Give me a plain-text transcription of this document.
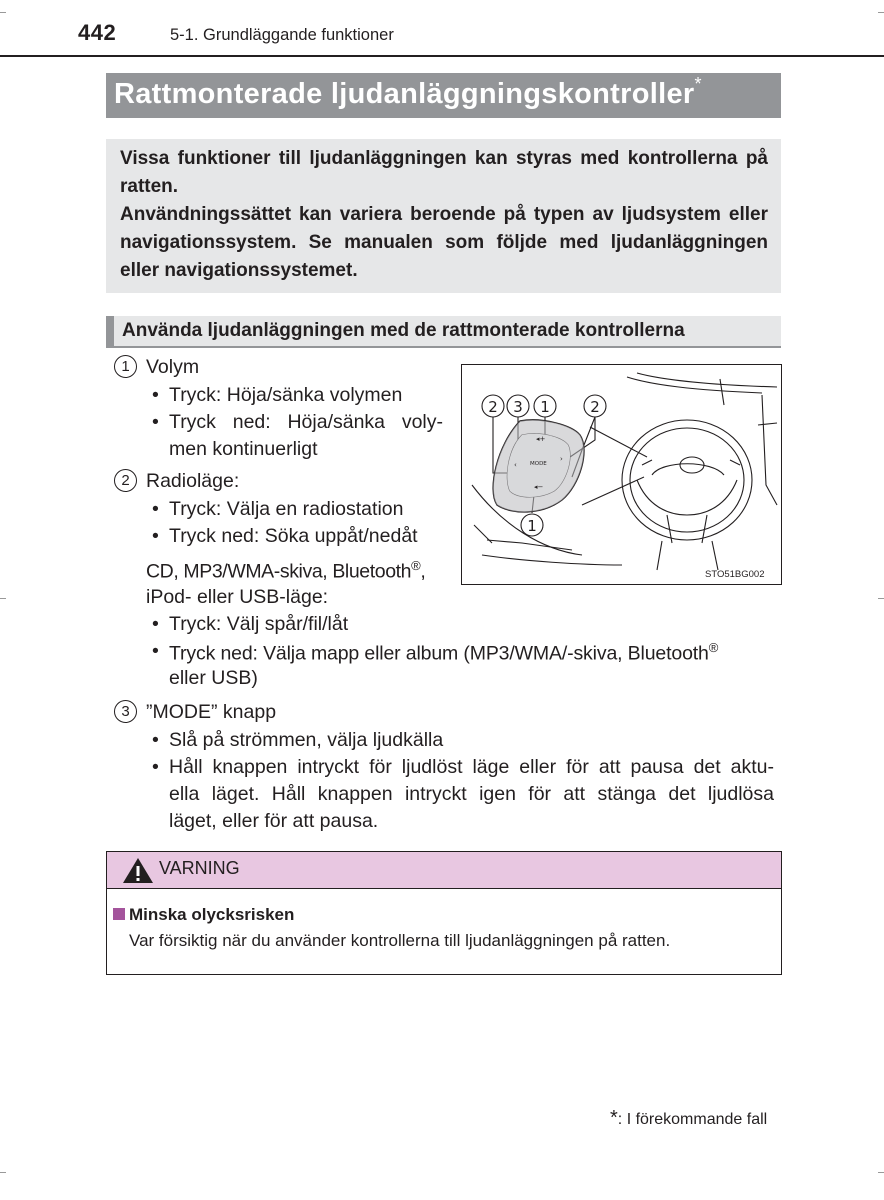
442	5-1. Grundläggande funktioner
Rattmonterade ljudanläggningskontroller*

Vissa funktioner till ljudanläggningen kan styras med kontrollerna på ratten.

Användningssättet kan variera beroende på typen av ljudsystem eller navigationssystem. Se manualen som följde med ljudanläggningen eller navigationssystemet.

Använda ljudanläggningen med de rattmonterade kontrollerna
1 Volym
• Tryck: Höja/sänka volymen
• Tryck ned: Höja/sänka voly-
men kontinuerligt
2 Radioläge:
• Tryck: Välja en radiostation
• Tryck ned: Söka uppåt/nedåt
CD, MP3/WMA-skiva, Bluetooth®,
iPod- eller USB-läge:
• Tryck: Välj spår/fil/låt
• Tryck ned: Välja mapp eller album (MP3/WMA/-skiva, Bluetooth®
eller USB)
3 ”MODE” knapp
• Slå på strömmen, välja ljudkälla
• Håll knappen intryckt för ljudlöst läge eller för att pausa det aktu-
ella läget. Håll knappen intryckt igen för att stänga det ljudlösa
läget, eller för att pausa.
◂+
◂−
‹
›
MODE
2 3 1	2
1
STO51BG002
VARNING
Minska olycksrisken
Var försiktig när du använder kontrollerna till ljudanläggningen på ratten.
*: I förekommande fall
